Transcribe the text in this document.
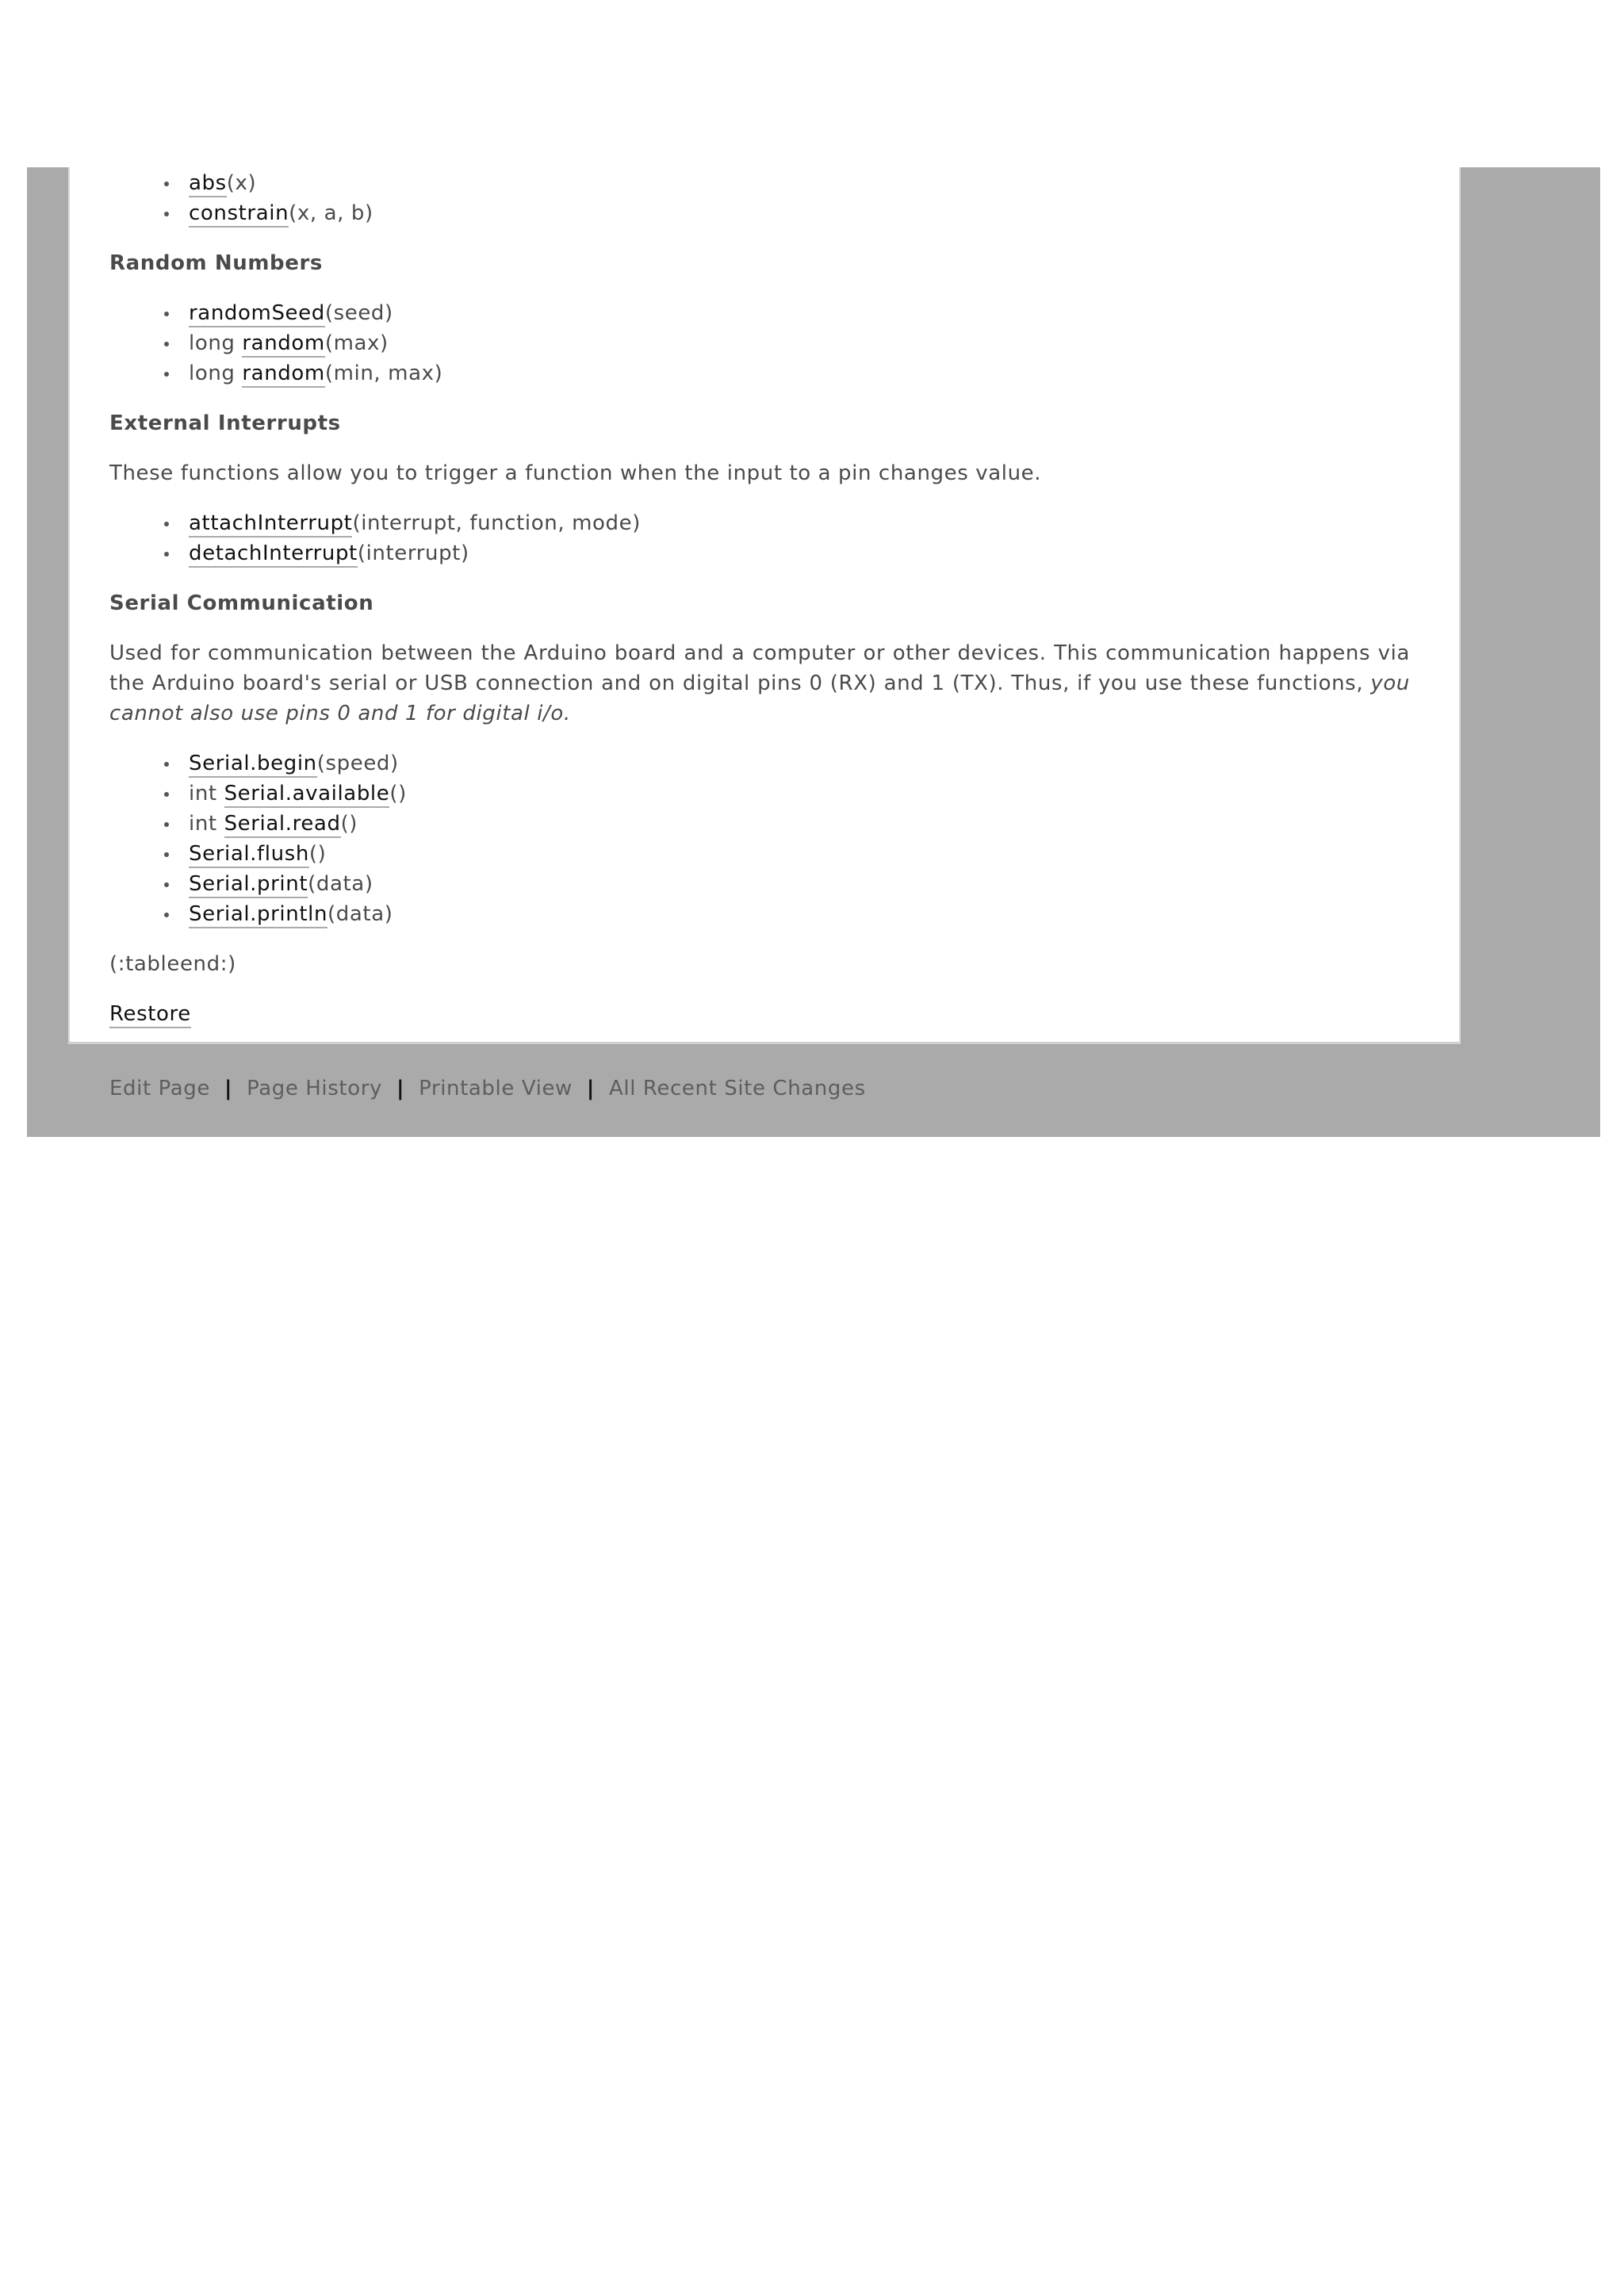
abs(x)
constrain(x, a, b)
Random Numbers
randomSeed(seed)
long random(max)
long random(min, max)
External Interrupts

These functions allow you to trigger a function when the input to a pin changes value.

attachInterrupt(interrupt, function, mode)
detachInterrupt(interrupt)
Serial Communication

Used for communication between the Arduino board and a computer or other devices. This communication happens via the Arduino board's serial or USB connection and on digital pins 0 (RX) and 1 (TX). Thus, if you use these functions, you cannot also use pins 0 and 1 for digital i/o.

Serial.begin(speed)
int Serial.available()
int Serial.read()
Serial.flush()
Serial.print(data)
Serial.println(data)
(:tableend:)
Restore
Edit Page | Page History | Printable View | All Recent Site Changes
